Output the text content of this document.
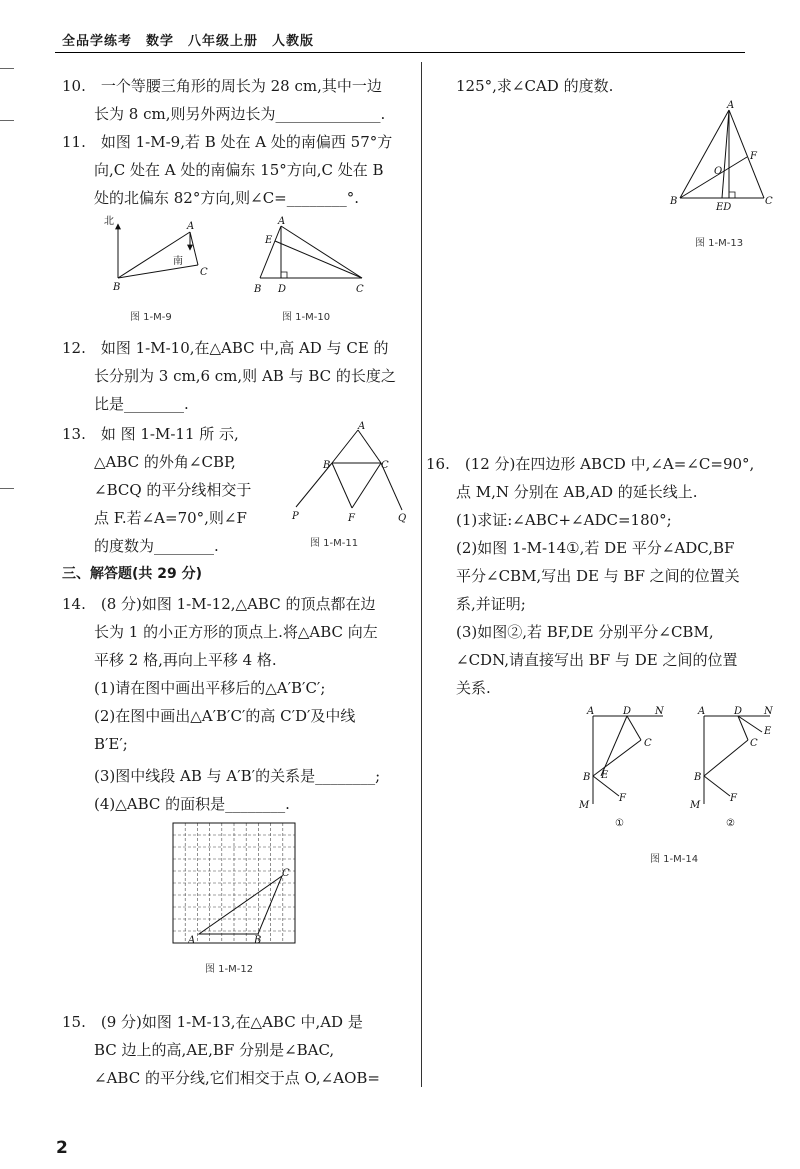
全品学练考　数学　八年级上册　人教版
10.　一个等腰三角形的周长为 28 cm,其中一边
长为 8 cm,则另外两边长为______________.
11.　如图 1-M-9,若 B 处在 A 处的南偏西 57°方
向,C 处在 A 处的南偏东 15°方向,C 处在 B
处的北偏东 82°方向,则∠C=________°.
北
南
A
B
C
图 1-M-9
A
E
B D	C
图 1-M-10
12.　如图 1-M-10,在△ABC 中,高 AD 与 CE 的
长分别为 3 cm,6 cm,则 AB 与 BC 的长度之
比是________.
13.　如 图 1-M-11 所 示,
△ABC 的外角∠CBP,
∠BCQ 的平分线相交于
点 F.若∠A=70°,则∠F
的度数为________.
A
B	C
P	F	Q
图 1-M-11
三、解答题(共 29 分)
14.　(8 分)如图 1-M-12,△ABC 的顶点都在边
长为 1 的小正方形的顶点上.将△ABC 向左
平移 2 格,再向上平移 4 格.
(1)请在图中画出平移后的△A′B′C′;
(2)在图中画出△A′B′C′的高 C′D′及中线
B′E′;
(3)图中线段 AB 与 A′B′的关系是________;
(4)△ABC 的面积是________.
A	B
C
图 1-M-12
15.　(9 分)如图 1-M-13,在△ABC 中,AD 是
BC 边上的高,AE,BF 分别是∠BAC,
∠ABC 的平分线,它们相交于点 O,∠AOB=
125°,求∠CAD 的度数.
A
F
O
B
ED
C
图 1-M-13
16.　(12 分)在四边形 ABCD 中,∠A=∠C=90°,
点 M,N 分别在 AB,AD 的延长线上.
(1)求证:∠ABC+∠ADC=180°;
(2)如图 1-M-14①,若 DE 平分∠ADC,BF
平分∠CBM,写出 DE 与 BF 之间的位置关
系,并证明;
(3)如图②,若 BF,DE 分别平分∠CBM,
∠CDN,请直接写出 BF 与 DE 之间的位置
关系.
A	D N
C
B E
F
M
①
A	D N
E
C
B
F
M
②
图 1-M-14
2
